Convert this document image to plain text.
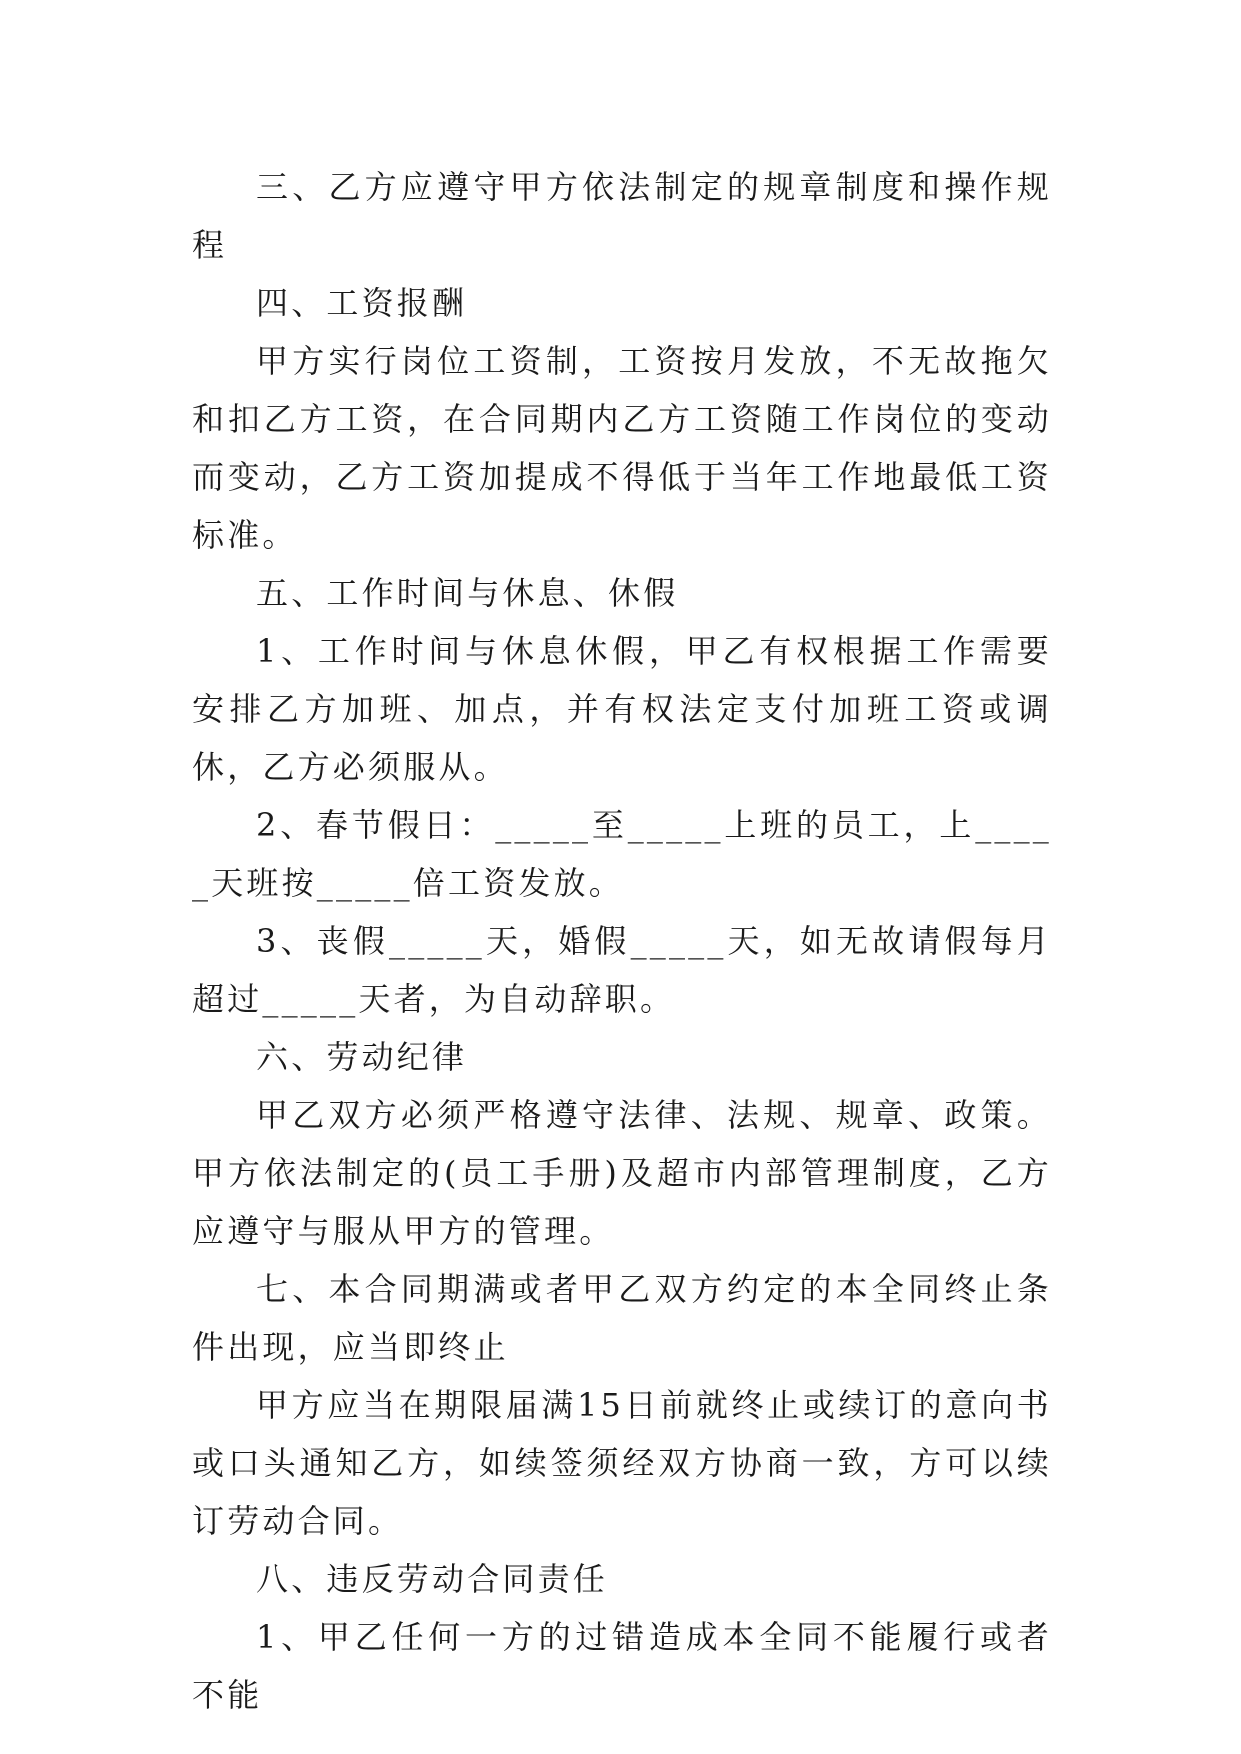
三、乙方应遵守甲方依法制定的规章制度和操作规程

四、工资报酬

甲方实行岗位工资制，工资按月发放，不无故拖欠和扣乙方工资，在合同期内乙方工资随工作岗位的变动而变动，乙方工资加提成不得低于当年工作地最低工资标准。

五、工作时间与休息、休假

1、工作时间与休息休假，甲乙有权根据工作需要安排乙方加班、加点，并有权法定支付加班工资或调休，乙方必须服从。

2、春节假日：_____至_____上班的员工，上_____天班按_____倍工资发放。

3、丧假_____天，婚假_____天，如无故请假每月超过_____天者，为自动辞职。

六、劳动纪律

甲乙双方必须严格遵守法律、法规、规章、政策。甲方依法制定的(员工手册)及超市内部管理制度，乙方应遵守与服从甲方的管理。

七、本合同期满或者甲乙双方约定的本全同终止条件出现，应当即终止

甲方应当在期限届满15日前就终止或续订的意向书或口头通知乙方，如续签须经双方协商一致，方可以续订劳动合同。

八、违反劳动合同责任

1、甲乙任何一方的过错造成本全同不能履行或者不能
